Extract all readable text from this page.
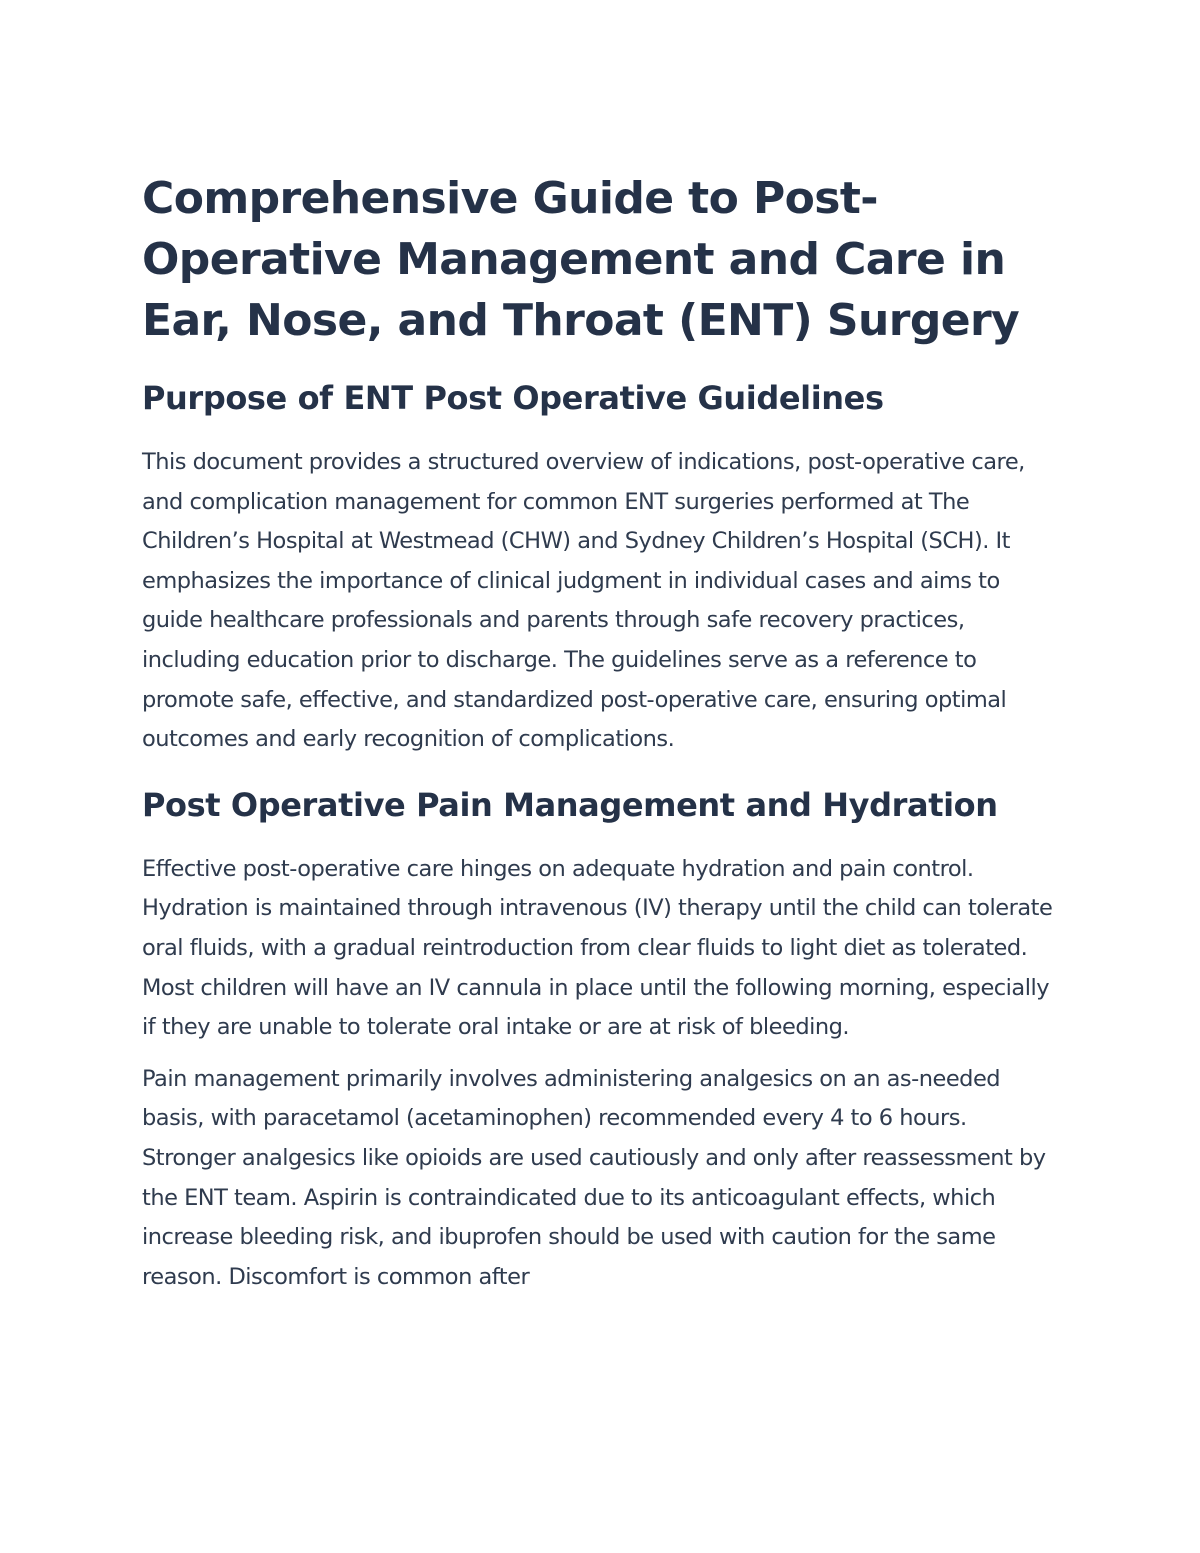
Comprehensive Guide to Post-Operative Management and Care in Ear, Nose, and Throat (ENT) Surgery
Purpose of ENT Post Operative Guidelines

This document provides a structured overview of indications, post-operative care, and complication management for common ENT surgeries performed at The Children’s Hospital at Westmead (CHW) and Sydney Children’s Hospital (SCH). It emphasizes the importance of clinical judgment in individual cases and aims to guide healthcare professionals and parents through safe recovery practices, including education prior to discharge. The guidelines serve as a reference to promote safe, effective, and standardized post-operative care, ensuring optimal outcomes and early recognition of complications.

Post Operative Pain Management and Hydration

Effective post-operative care hinges on adequate hydration and pain control. Hydration is maintained through intravenous (IV) therapy until the child can tolerate oral fluids, with a gradual reintroduction from clear fluids to light diet as tolerated. Most children will have an IV cannula in place until the following morning, especially if they are unable to tolerate oral intake or are at risk of bleeding.

Pain management primarily involves administering analgesics on an as-needed basis, with paracetamol (acetaminophen) recommended every 4 to 6 hours. Stronger analgesics like opioids are used cautiously and only after reassessment by the ENT team. Aspirin is contraindicated due to its anticoagulant effects, which increase bleeding risk, and ibuprofen should be used with caution for the same reason. Discomfort is common after
